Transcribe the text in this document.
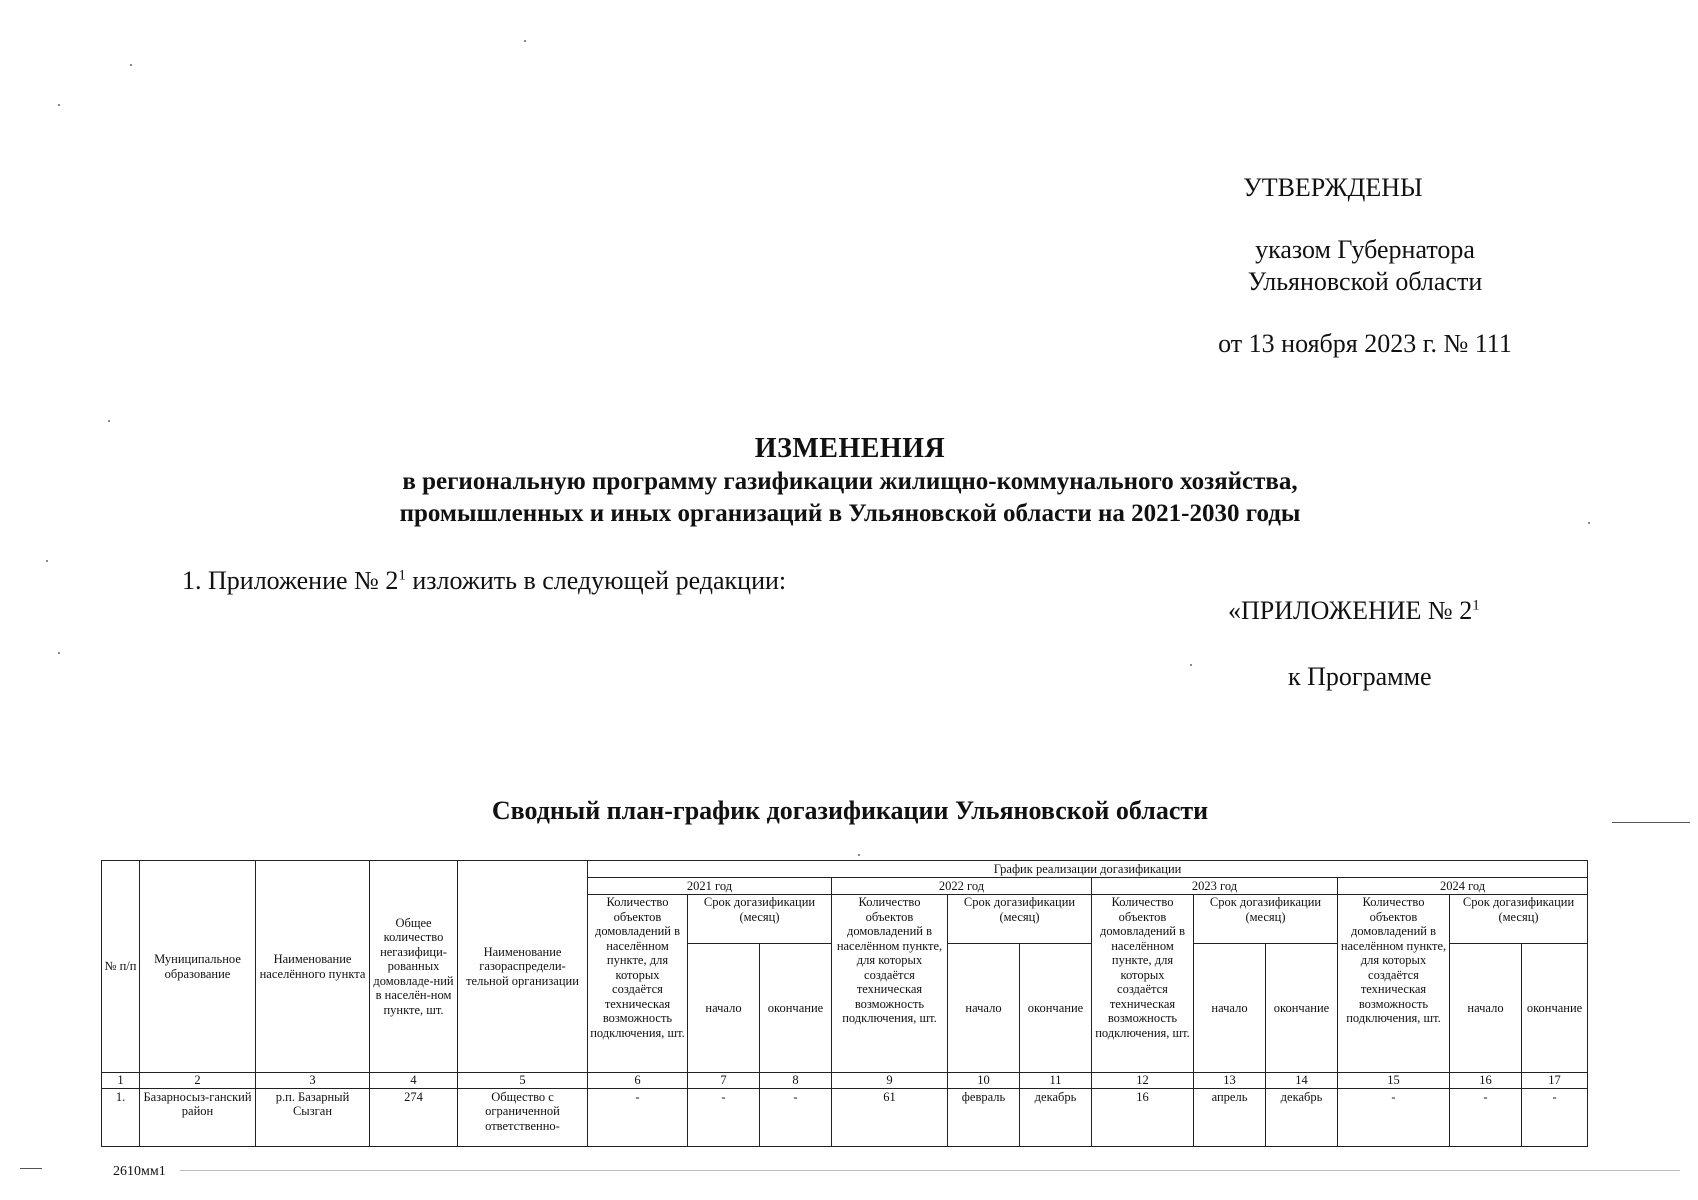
УТВЕРЖДЕНЫ
указом Губернатора
Ульяновской области
от 13 ноября 2023 г. № 111
ИЗМЕНЕНИЯ
в региональную программу газификации жилищно-коммунального хозяйства,
промышленных и иных организаций в Ульяновской области на 2021-2030 годы
1. Приложение № $2^1$ изложить в следующей редакции:
«ПРИЛОЖЕНИЕ № $2^1$
к Программе
Сводный план-график догазификации Ульяновской области
№ п/п	Муниципальное образование	Наименование населённого пункта	Общее количество негазифици-рованных домовладе-ний в населён-ном пункте, шт.	Наименование газораспредели-тельной организации	График реализации догазификации											
					2021 год			2022 год			2023 год			2024 год		
					Количество объектов домовладений в населённом пункте, для которых создаётся техническая возможность подключения, шт.	Срок догазификации (месяц)		Количество объектов домовладений в населённом пункте, для которых создаётся техническая возможность подключения, шт.	Срок догазификации (месяц)		Количество объектов домовладений в населённом пункте, для которых создаётся техническая возможность подключения, шт.	Срок догазификации (месяц)		Количество объектов домовладений в населённом пункте, для которых создаётся техническая возможность подключения, шт.	Срок догазификации (месяц)	
						начало	окончание		начало	окончание		начало	окончание		начало	окончание
1	2	3	4	5	6	7	8	9	10	11	12	13	14	15	16	17
1.	Базарносыз-ганский район	р.п. Базарный Сызган	274	Общество с ограниченной ответственно-	-	-	-	61	февраль	декабрь	16	апрель	декабрь	-	-	-
2610мм1
